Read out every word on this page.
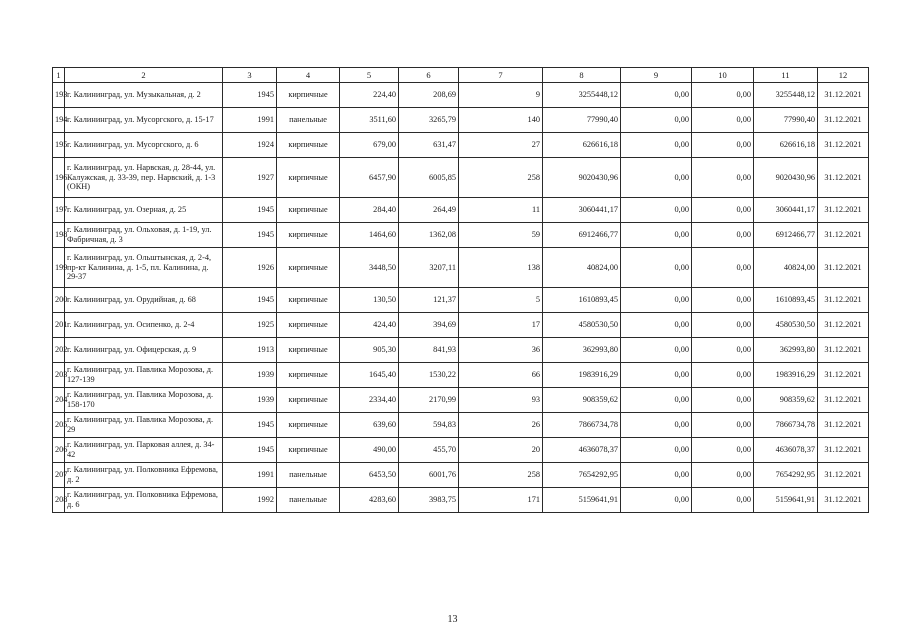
1	2	3	4	5	6	7	8	9	10	11	12
193	г. Калининград, ул. Музыкальная, д. 2	1945	кирпичные	224,40	208,69	9	3255448,12	0,00	0,00	3255448,12	31.12.2021
194	г. Калининград, ул. Мусоргского, д. 15-17	1991	панельные	3511,60	3265,79	140	77990,40	0,00	0,00	77990,40	31.12.2021
195	г. Калининград, ул. Мусоргского, д. 6	1924	кирпичные	679,00	631,47	27	626616,18	0,00	0,00	626616,18	31.12.2021
196	г. Калининград, ул. Нарвская, д. 28-44, ул. Калужская, д. 33-39, пер. Нарвский, д. 1-3 (ОКН)	1927	кирпичные	6457,90	6005,85	258	9020430,96	0,00	0,00	9020430,96	31.12.2021
197	г. Калининград, ул. Озерная, д. 25	1945	кирпичные	284,40	264,49	11	3060441,17	0,00	0,00	3060441,17	31.12.2021
198	г. Калининград, ул. Ольховая, д. 1-19, ул. Фабричная, д. 3	1945	кирпичные	1464,60	1362,08	59	6912466,77	0,00	0,00	6912466,77	31.12.2021
199	г. Калининград, ул. Ольштынская, д. 2-4, пр-кт Калинина, д. 1-5, пл. Калинина, д. 29-37	1926	кирпичные	3448,50	3207,11	138	40824,00	0,00	0,00	40824,00	31.12.2021
200	г. Калининград, ул. Орудийная, д. 68	1945	кирпичные	130,50	121,37	5	1610893,45	0,00	0,00	1610893,45	31.12.2021
201	г. Калининград, ул. Осипенко, д. 2-4	1925	кирпичные	424,40	394,69	17	4580530,50	0,00	0,00	4580530,50	31.12.2021
202	г. Калининград, ул. Офицерская, д. 9	1913	кирпичные	905,30	841,93	36	362993,80	0,00	0,00	362993,80	31.12.2021
203	г. Калининград, ул. Павлика Морозова, д. 127-139	1939	кирпичные	1645,40	1530,22	66	1983916,29	0,00	0,00	1983916,29	31.12.2021
204	г. Калининград, ул. Павлика Морозова, д. 158-170	1939	кирпичные	2334,40	2170,99	93	908359,62	0,00	0,00	908359,62	31.12.2021
205	г. Калининград, ул. Павлика Морозова, д. 29	1945	кирпичные	639,60	594,83	26	7866734,78	0,00	0,00	7866734,78	31.12.2021
206	г. Калининград, ул. Парковая аллея, д. 34-42	1945	кирпичные	490,00	455,70	20	4636078,37	0,00	0,00	4636078,37	31.12.2021
207	г. Калининград, ул. Полковника Ефремова, д. 2	1991	панельные	6453,50	6001,76	258	7654292,95	0,00	0,00	7654292,95	31.12.2021
208	г. Калининград, ул. Полковника Ефремова, д. 6	1992	панельные	4283,60	3983,75	171	5159641,91	0,00	0,00	5159641,91	31.12.2021
13
